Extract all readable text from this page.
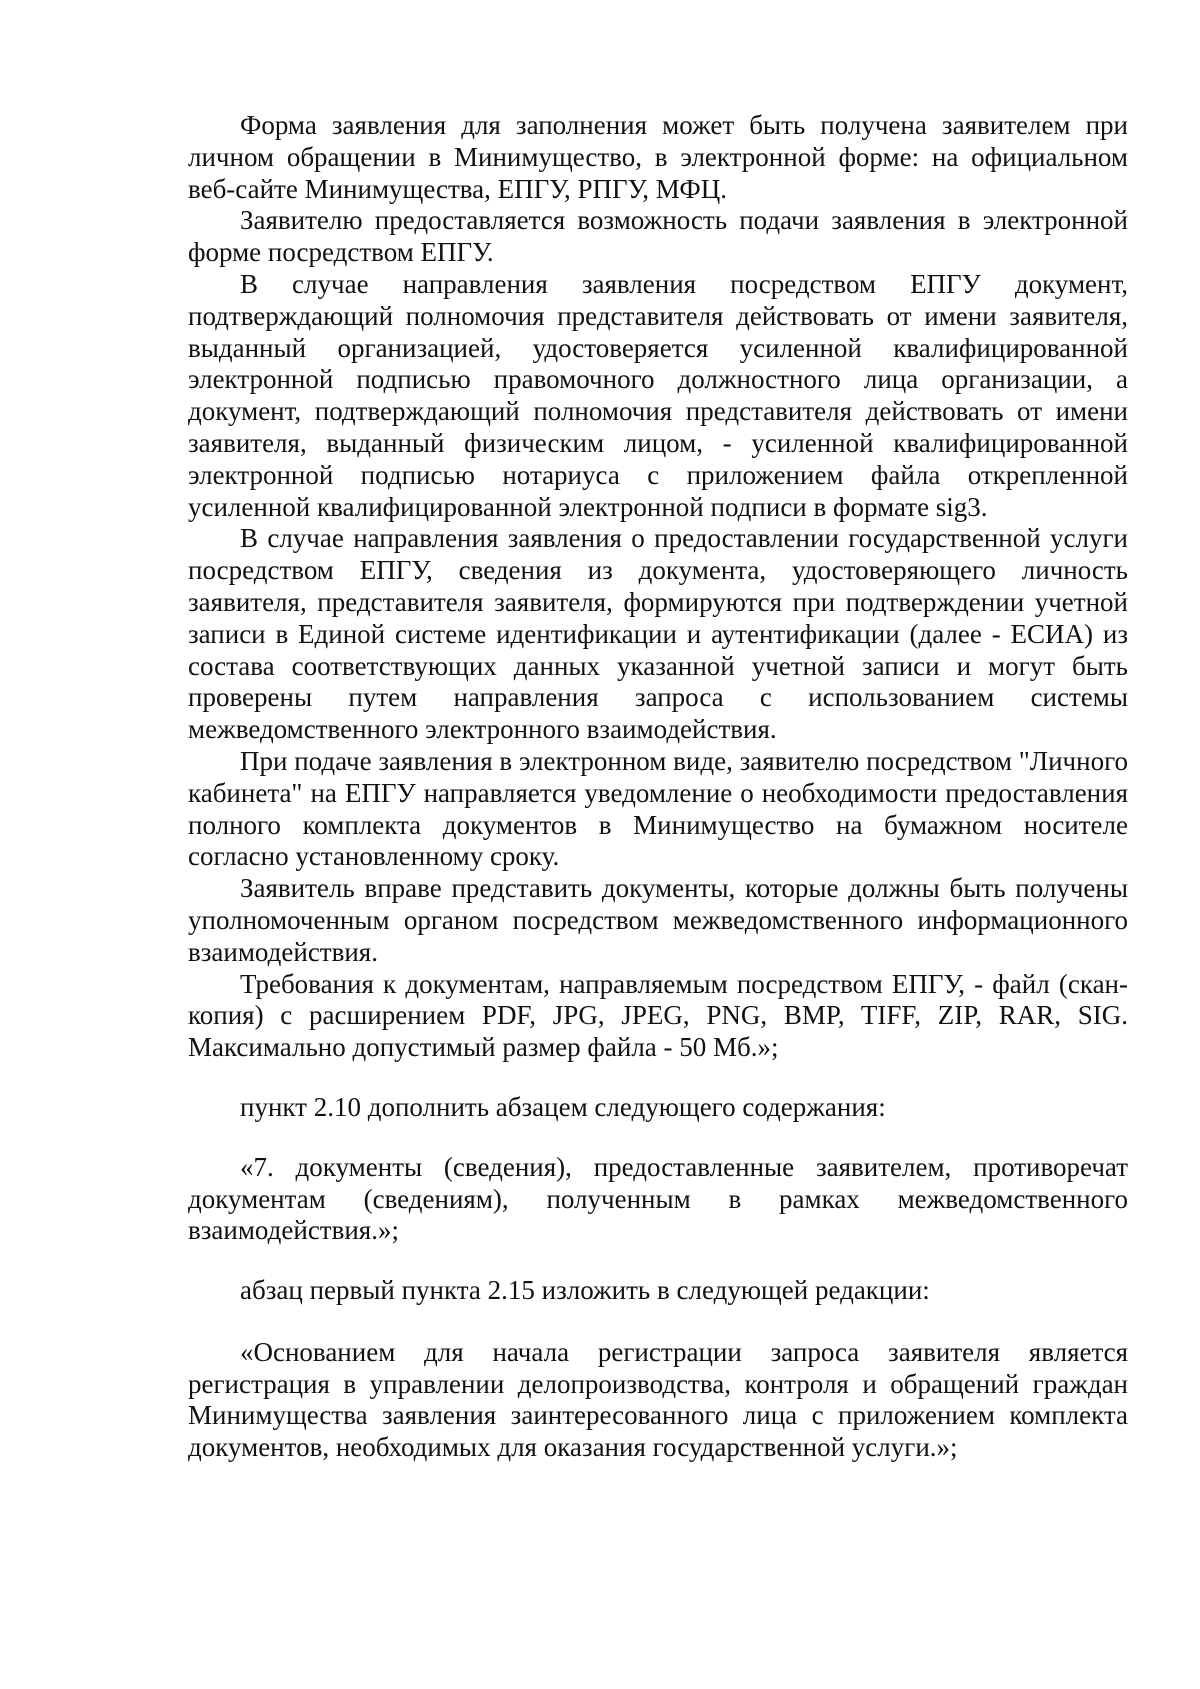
Форма заявления для заполнения может быть получена заявителем при личном обращении в Минимущество, в электронной форме: на официальном веб-сайте Минимущества, ЕПГУ, РПГУ, МФЦ.

Заявителю предоставляется возможность подачи заявления в электронной форме посредством ЕПГУ.

В случае направления заявления посредством ЕПГУ документ, подтверждающий полномочия представителя действовать от имени заявителя, выданный организацией, удостоверяется усиленной квалифицированной электронной подписью правомочного должностного лица организации, а документ, подтверждающий полномочия представителя действовать от имени заявителя, выданный физическим лицом, - усиленной квалифицированной электронной подписью нотариуса с приложением файла открепленной усиленной квалифицированной электронной подписи в формате sig3.

В случае направления заявления о предоставлении государственной услуги посредством ЕПГУ, сведения из документа, удостоверяющего личность заявителя, представителя заявителя, формируются при подтверждении учетной записи в Единой системе идентификации и аутентификации (далее - ЕСИА) из состава соответствующих данных указанной учетной записи и могут быть проверены путем направления запроса с использованием системы межведомственного электронного взаимодействия.

При подаче заявления в электронном виде, заявителю посредством "Личного кабинета" на ЕПГУ направляется уведомление о необходимости предоставления полного комплекта документов в Минимущество на бумажном носителе согласно установленному сроку.

Заявитель вправе представить документы, которые должны быть получены уполномоченным органом посредством межведомственного информационного взаимодействия.

Требования к документам, направляемым посредством ЕПГУ, - файл (скан-копия) с расширением PDF, JPG, JPEG, PNG, BMP, TIFF, ZIP, RAR, SIG. Максимально допустимый размер файла - 50 Мб.»;

пункт 2.10 дополнить абзацем следующего содержания:

«7. документы (сведения), предоставленные заявителем, противоречат документам (сведениям), полученным в рамках межведомственного взаимодействия.»;

абзац первый пункта 2.15 изложить в следующей редакции:

«Основанием для начала регистрации запроса заявителя является регистрация в управлении делопроизводства, контроля и обращений граждан Минимущества заявления заинтересованного лица с приложением комплекта документов, необходимых для оказания государственной услуги.»;
